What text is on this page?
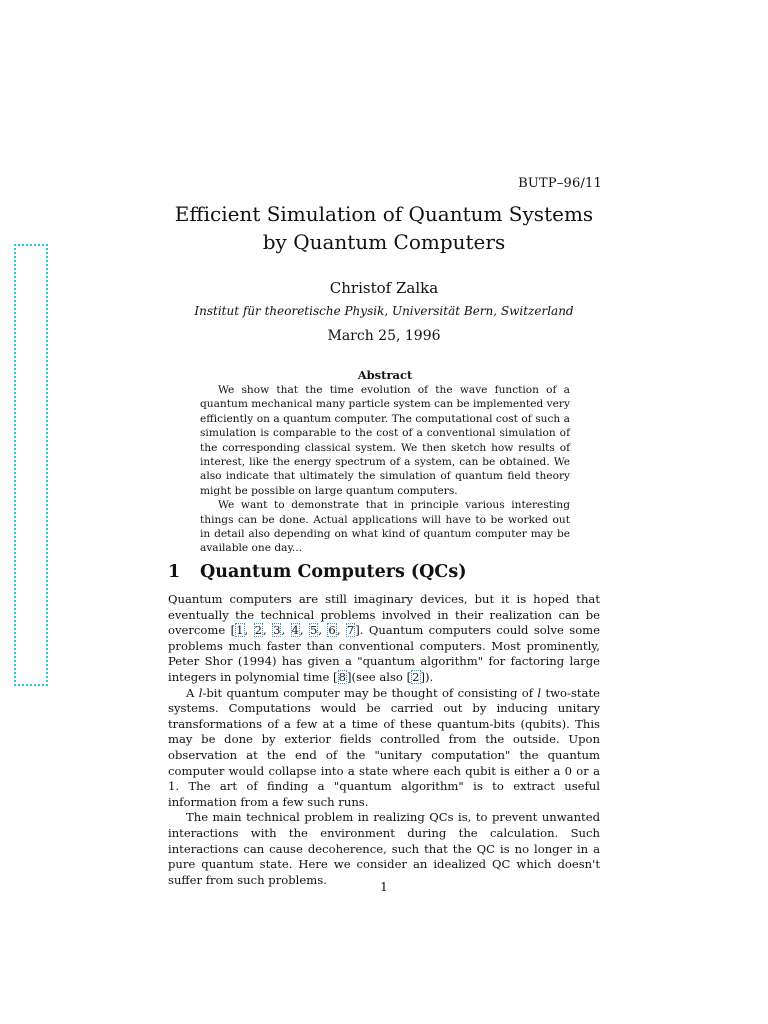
BUTP–96/11
Efficient Simulation of Quantum Systems
by Quantum Computers
Christof Zalka
Institut für theoretische Physik, Universität Bern, Switzerland
March 25, 1996
Abstract

We show that the time evolution of the wave function of a quantum mechanical many particle system can be implemented very efficiently on a quantum computer. The computational cost of such a simulation is comparable to the cost of a conventional simulation of the corresponding classical system. We then sketch how results of interest, like the energy spectrum of a system, can be obtained. We also indicate that ultimately the simulation of quantum field theory might be possible on large quantum computers.

We want to demonstrate that in principle various interesting things can be done. Actual applications will have to be worked out in detail also depending on what kind of quantum computer may be available one day...

1 Quantum Computers (QCs)

Quantum computers are still imaginary devices, but it is hoped that eventually the technical problems involved in their realization can be overcome [1, 2, 3, 4, 5, 6, 7]. Quantum computers could solve some problems much faster than conventional computers. Most prominently, Peter Shor (1994) has given a "quantum algorithm" for factoring large integers in polynomial time [8](see also [2]).

A l-bit quantum computer may be thought of consisting of l two-state systems. Computations would be carried out by inducing unitary transformations of a few at a time of these quantum-bits (qubits). This may be done by exterior fields controlled from the outside. Upon observation at the end of the "unitary computation" the quantum computer would collapse into a state where each qubit is either a 0 or a 1. The art of finding a "quantum algorithm" is to extract useful information from a few such runs.

The main technical problem in realizing QCs is, to prevent unwanted interactions with the environment during the calculation. Such interactions can cause decoherence, such that the QC is no longer in a pure quantum state. Here we consider an idealized QC which doesn't suffer from such problems.

1
